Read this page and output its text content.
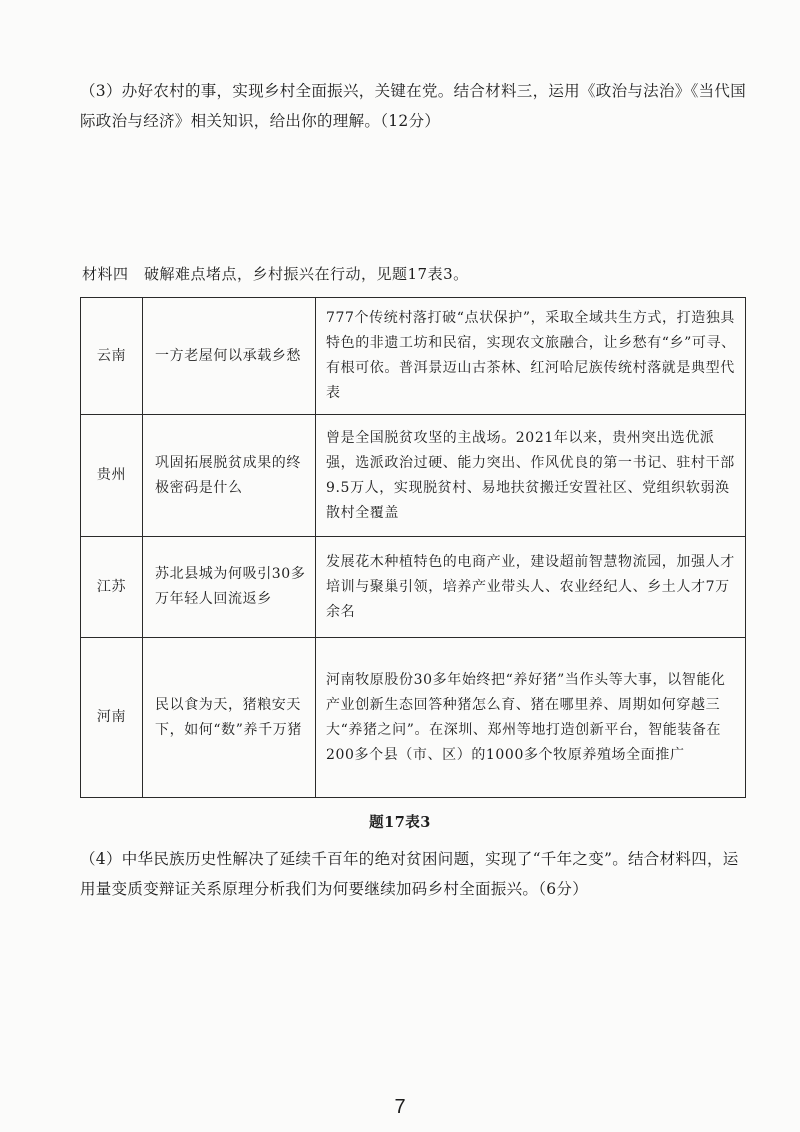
（3）办好农村的事，实现乡村全面振兴，关键在党。结合材料三，运用《政治与法治》《当代国际政治与经济》相关知识，给出你的理解。（12分）

材料四　破解难点堵点，乡村振兴在行动，见题17表3。
云南	一方老屋何以承载乡愁	777个传统村落打破“点状保护”，采取全域共生方式，打造独具特色的非遗工坊和民宿，实现农文旅融合，让乡愁有“乡”可寻、有根可依。普洱景迈山古茶林、红河哈尼族传统村落就是典型代表
贵州	巩固拓展脱贫成果的终极密码是什么	曾是全国脱贫攻坚的主战场。2021年以来，贵州突出选优派强，选派政治过硬、能力突出、作风优良的第一书记、驻村干部9.5万人，实现脱贫村、易地扶贫搬迁安置社区、党组织软弱涣散村全覆盖
江苏	苏北县城为何吸引30多万年轻人回流返乡	发展花木种植特色的电商产业，建设超前智慧物流园，加强人才培训与聚巢引领，培养产业带头人、农业经纪人、乡土人才7万余名
河南	民以食为天，猪粮安天下，如何“数”养千万猪	河南牧原股份30多年始终把“养好猪”当作头等大事，以智能化产业创新生态回答种猪怎么育、猪在哪里养、周期如何穿越三大“养猪之问”。在深圳、郑州等地打造创新平台，智能装备在200多个县（市、区）的1000多个牧原养殖场全面推广
题17表3

（4）中华民族历史性解决了延续千百年的绝对贫困问题，实现了“千年之变”。结合材料四，运用量变质变辩证关系原理分析我们为何要继续加码乡村全面振兴。（6分）

7
